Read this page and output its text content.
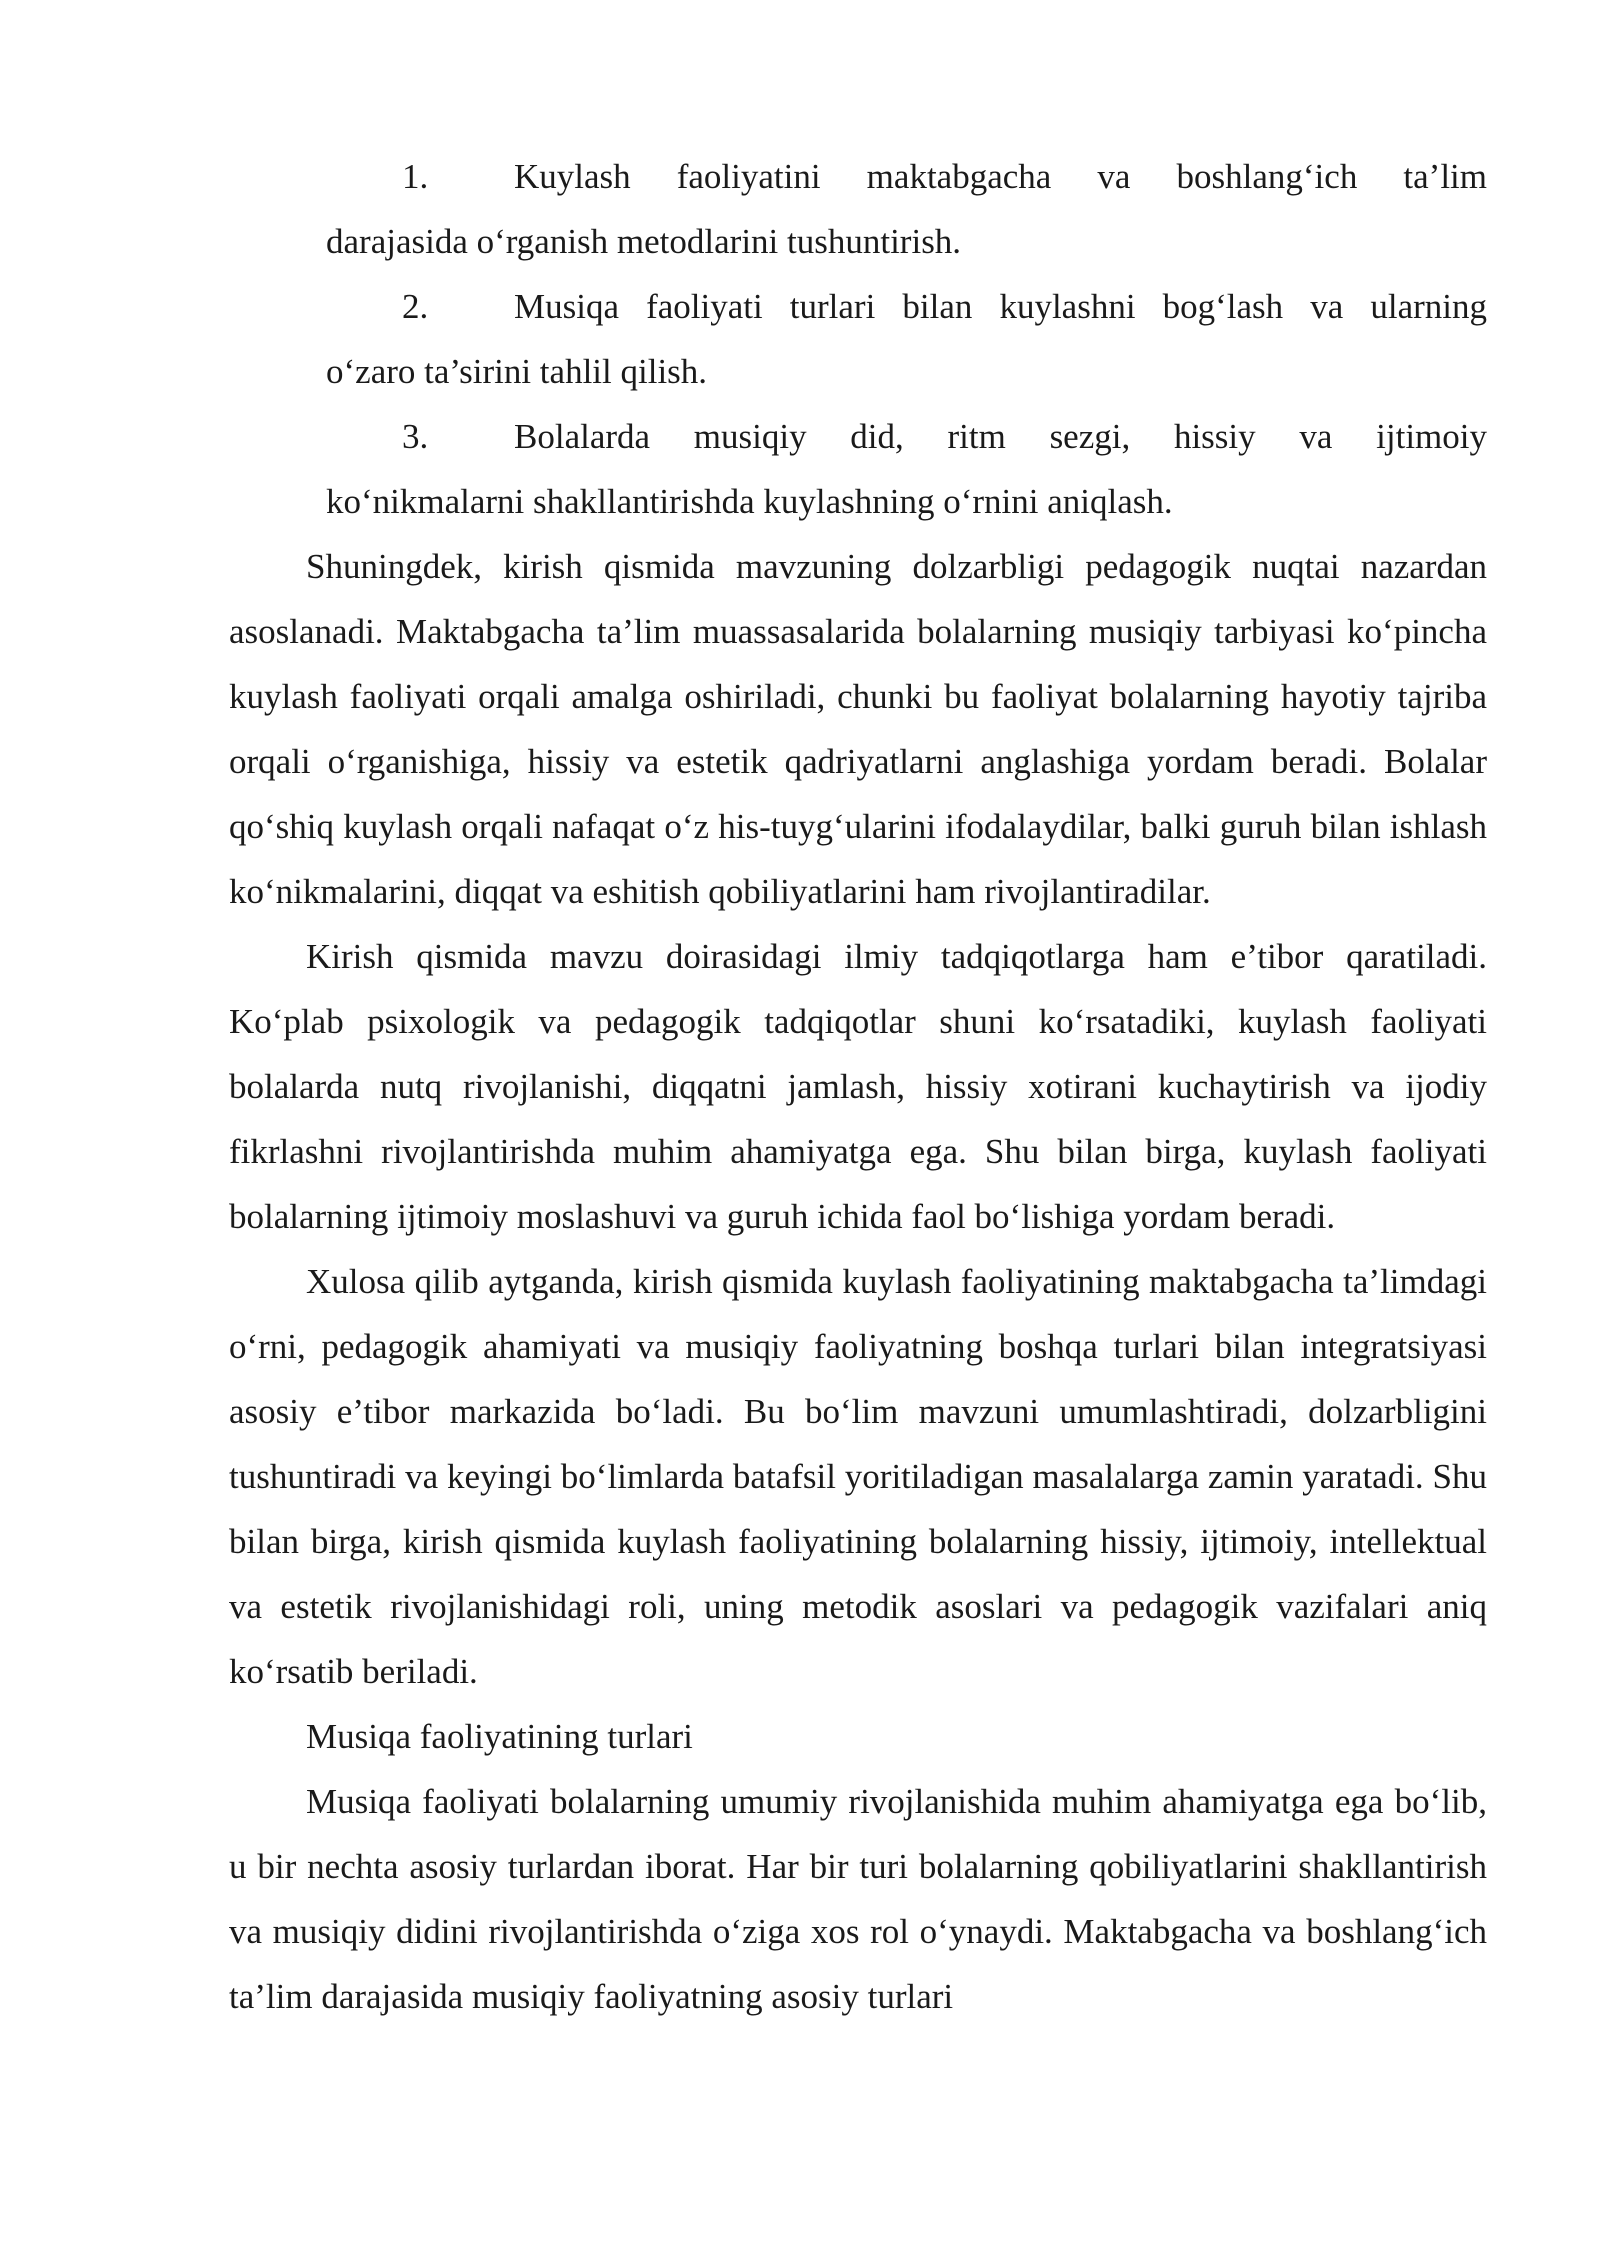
1. Kuylash faoliyatini maktabgacha va boshlang‘ich ta’lim
darajasida o‘rganish metodlarini tushuntirish.
2. Musiqa faoliyati turlari bilan kuylashni bog‘lash va ularning
o‘zaro ta’sirini tahlil qilish.
3. Bolalarda musiqiy did, ritm sezgi, hissiy va ijtimoiy
ko‘nikmalarni shakllantirishda kuylashning o‘rnini aniqlash.

Shuningdek, kirish qismida mavzuning dolzarbligi pedagogik nuqtai nazardan asoslanadi. Maktabgacha ta’lim muassasalarida bolalarning musiqiy tarbiyasi ko‘pincha kuylash faoliyati orqali amalga oshiriladi, chunki bu faoliyat bolalarning hayotiy tajriba orqali o‘rganishiga, hissiy va estetik qadriyatlarni anglashiga yordam beradi. Bolalar qo‘shiq kuylash orqali nafaqat o‘z his-tuyg‘ularini ifodalaydilar, balki guruh bilan ishlash ko‘nikmalarini, diqqat va eshitish qobiliyatlarini ham rivojlantiradilar.

Kirish qismida mavzu doirasidagi ilmiy tadqiqotlarga ham e’tibor qaratiladi. Ko‘plab psixologik va pedagogik tadqiqotlar shuni ko‘rsatadiki, kuylash faoliyati bolalarda nutq rivojlanishi, diqqatni jamlash, hissiy xotirani kuchaytirish va ijodiy fikrlashni rivojlantirishda muhim ahamiyatga ega. Shu bilan birga, kuylash faoliyati bolalarning ijtimoiy moslashuvi va guruh ichida faol bo‘lishiga yordam beradi.

Xulosa qilib aytganda, kirish qismida kuylash faoliyatining maktabgacha ta’limdagi o‘rni, pedagogik ahamiyati va musiqiy faoliyatning boshqa turlari bilan integratsiyasi asosiy e’tibor markazida bo‘ladi. Bu bo‘lim mavzuni umumlashtiradi, dolzarbligini tushuntiradi va keyingi bo‘limlarda batafsil yoritiladigan masalalarga zamin yaratadi. Shu bilan birga, kirish qismida kuylash faoliyatining bolalarning hissiy, ijtimoiy, intellektual va estetik rivojlanishidagi roli, uning metodik asoslari va pedagogik vazifalari aniq ko‘rsatib beriladi.

Musiqa faoliyatining turlari

Musiqa faoliyati bolalarning umumiy rivojlanishida muhim ahamiyatga ega bo‘lib, u bir nechta asosiy turlardan iborat. Har bir turi bolalarning qobiliyatlarini shakllantirish va musiqiy didini rivojlantirishda o‘ziga xos rol o‘ynaydi. Maktabgacha va boshlang‘ich ta’lim darajasida musiqiy faoliyatning asosiy turlari
